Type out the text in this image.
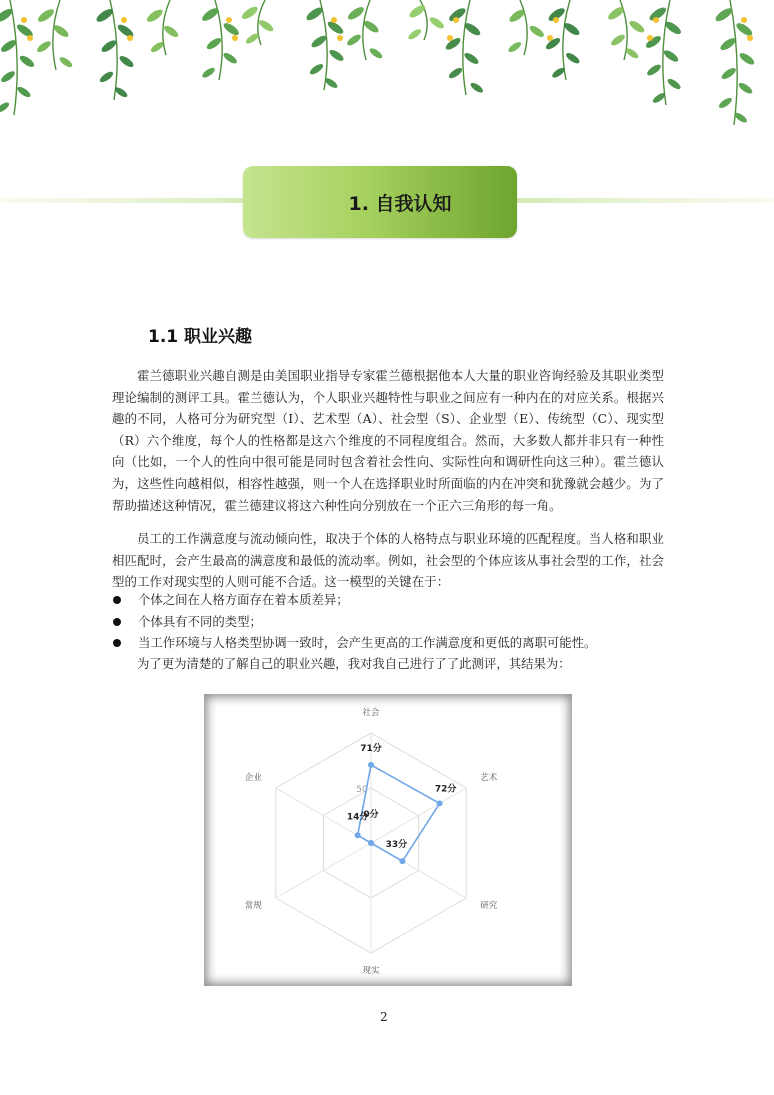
1. 自我认知
1.1 职业兴趣

霍兰德职业兴趣自测是由美国职业指导专家霍兰德根据他本人大量的职业咨询经验及其职业类型理论编制的测评工具。霍兰德认为，个人职业兴趣特性与职业之间应有一种内在的对应关系。根据兴趣的不同，人格可分为研究型（I）、艺术型（A）、社会型（S）、企业型（E）、传统型（C）、现实型（R）六个维度，每个人的性格都是这六个维度的不同程度组合。然而，大多数人都并非只有一种性向（比如，一个人的性向中很可能是同时包含着社会性向、实际性向和调研性向这三种）。霍兰德认为，这些性向越相似，相容性越强，则一个人在选择职业时所面临的内在冲突和犹豫就会越少。为了帮助描述这种情况，霍兰德建议将这六种性向分别放在一个正六三角形的每一角。

员工的工作满意度与流动倾向性，取决于个体的人格特点与职业环境的匹配程度。当人格和职业相匹配时，会产生最高的满意度和最低的流动率。例如，社会型的个体应该从事社会型的工作，社会型的工作对现实型的人则可能不合适。这一模型的关键在于：

个体之间在人格方面存在着本质差异；
个体具有不同的类型；
当工作环境与人格类型协调一致时，会产生更高的工作满意度和更低的离职可能性。

为了更为清楚的了解自己的职业兴趣，我对我自己进行了了此测评，其结果为：

50
社会
艺术
研究
现实
常规
企业
71分
72分
33分
0分
14分
2
